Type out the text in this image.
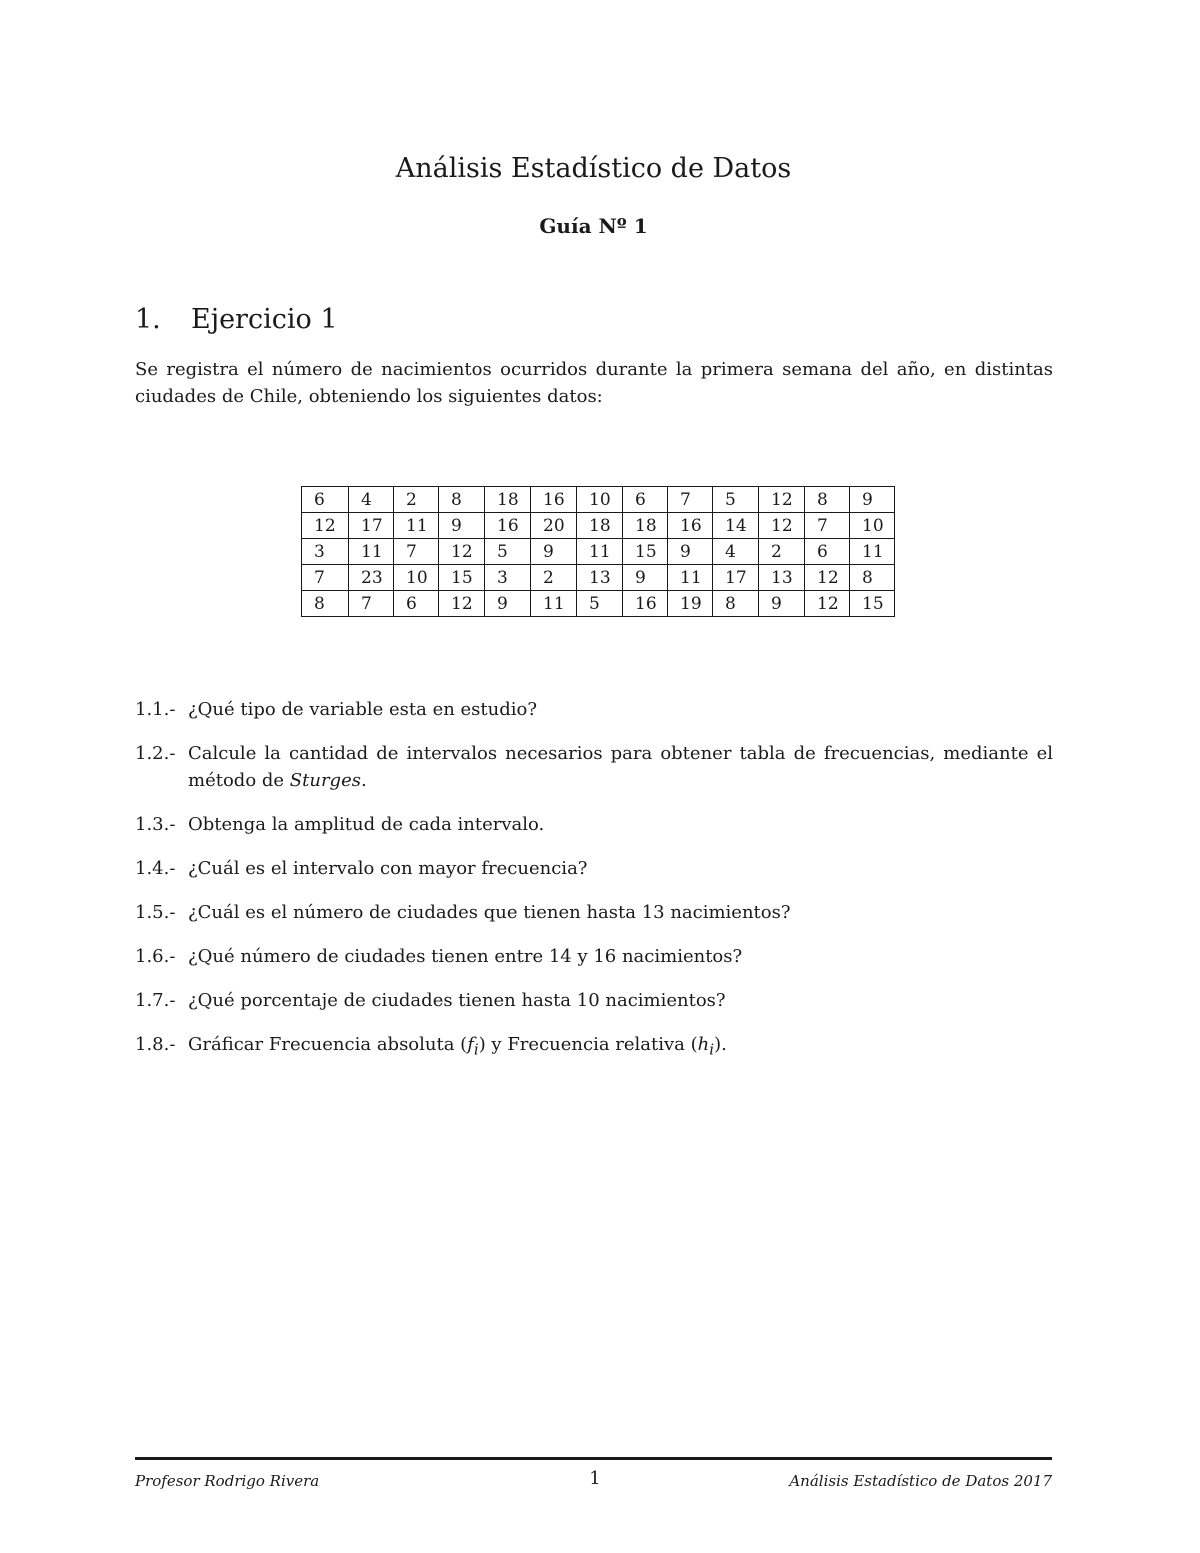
Análisis Estadístico de Datos
Guía Nº 1
1. Ejercicio 1

Se registra el número de nacimientos ocurridos durante la primera semana del año, en distintas ciudades de Chile, obteniendo los siguientes datos:

6	4	2	8	18	16	10	6	7	5	12	8	9
12	17	11	9	16	20	18	18	16	14	12	7	10
3	11	7	12	5	9	11	15	9	4	2	6	11
7	23	10	15	3	2	13	9	11	17	13	12	8
8	7	6	12	9	11	5	16	19	8	9	12	15
1.1.- ¿Qué tipo de variable esta en estudio?
1.2.- Calcule la cantidad de intervalos necesarios para obtener tabla de frecuencias, mediante el método de Sturges.
1.3.- Obtenga la amplitud de cada intervalo.
1.4.- ¿Cuál es el intervalo con mayor frecuencia?
1.5.- ¿Cuál es el número de ciudades que tienen hasta 13 nacimientos?
1.6.- ¿Qué número de ciudades tienen entre 14 y 16 nacimientos?
1.7.- ¿Qué porcentaje de ciudades tienen hasta 10 nacimientos?
1.8.- Gráficar Frecuencia absoluta $(f_i)$ y Frecuencia relativa $(h_i)$.
Profesor Rodrigo Rivera	1	Análisis Estadístico de Datos 2017
